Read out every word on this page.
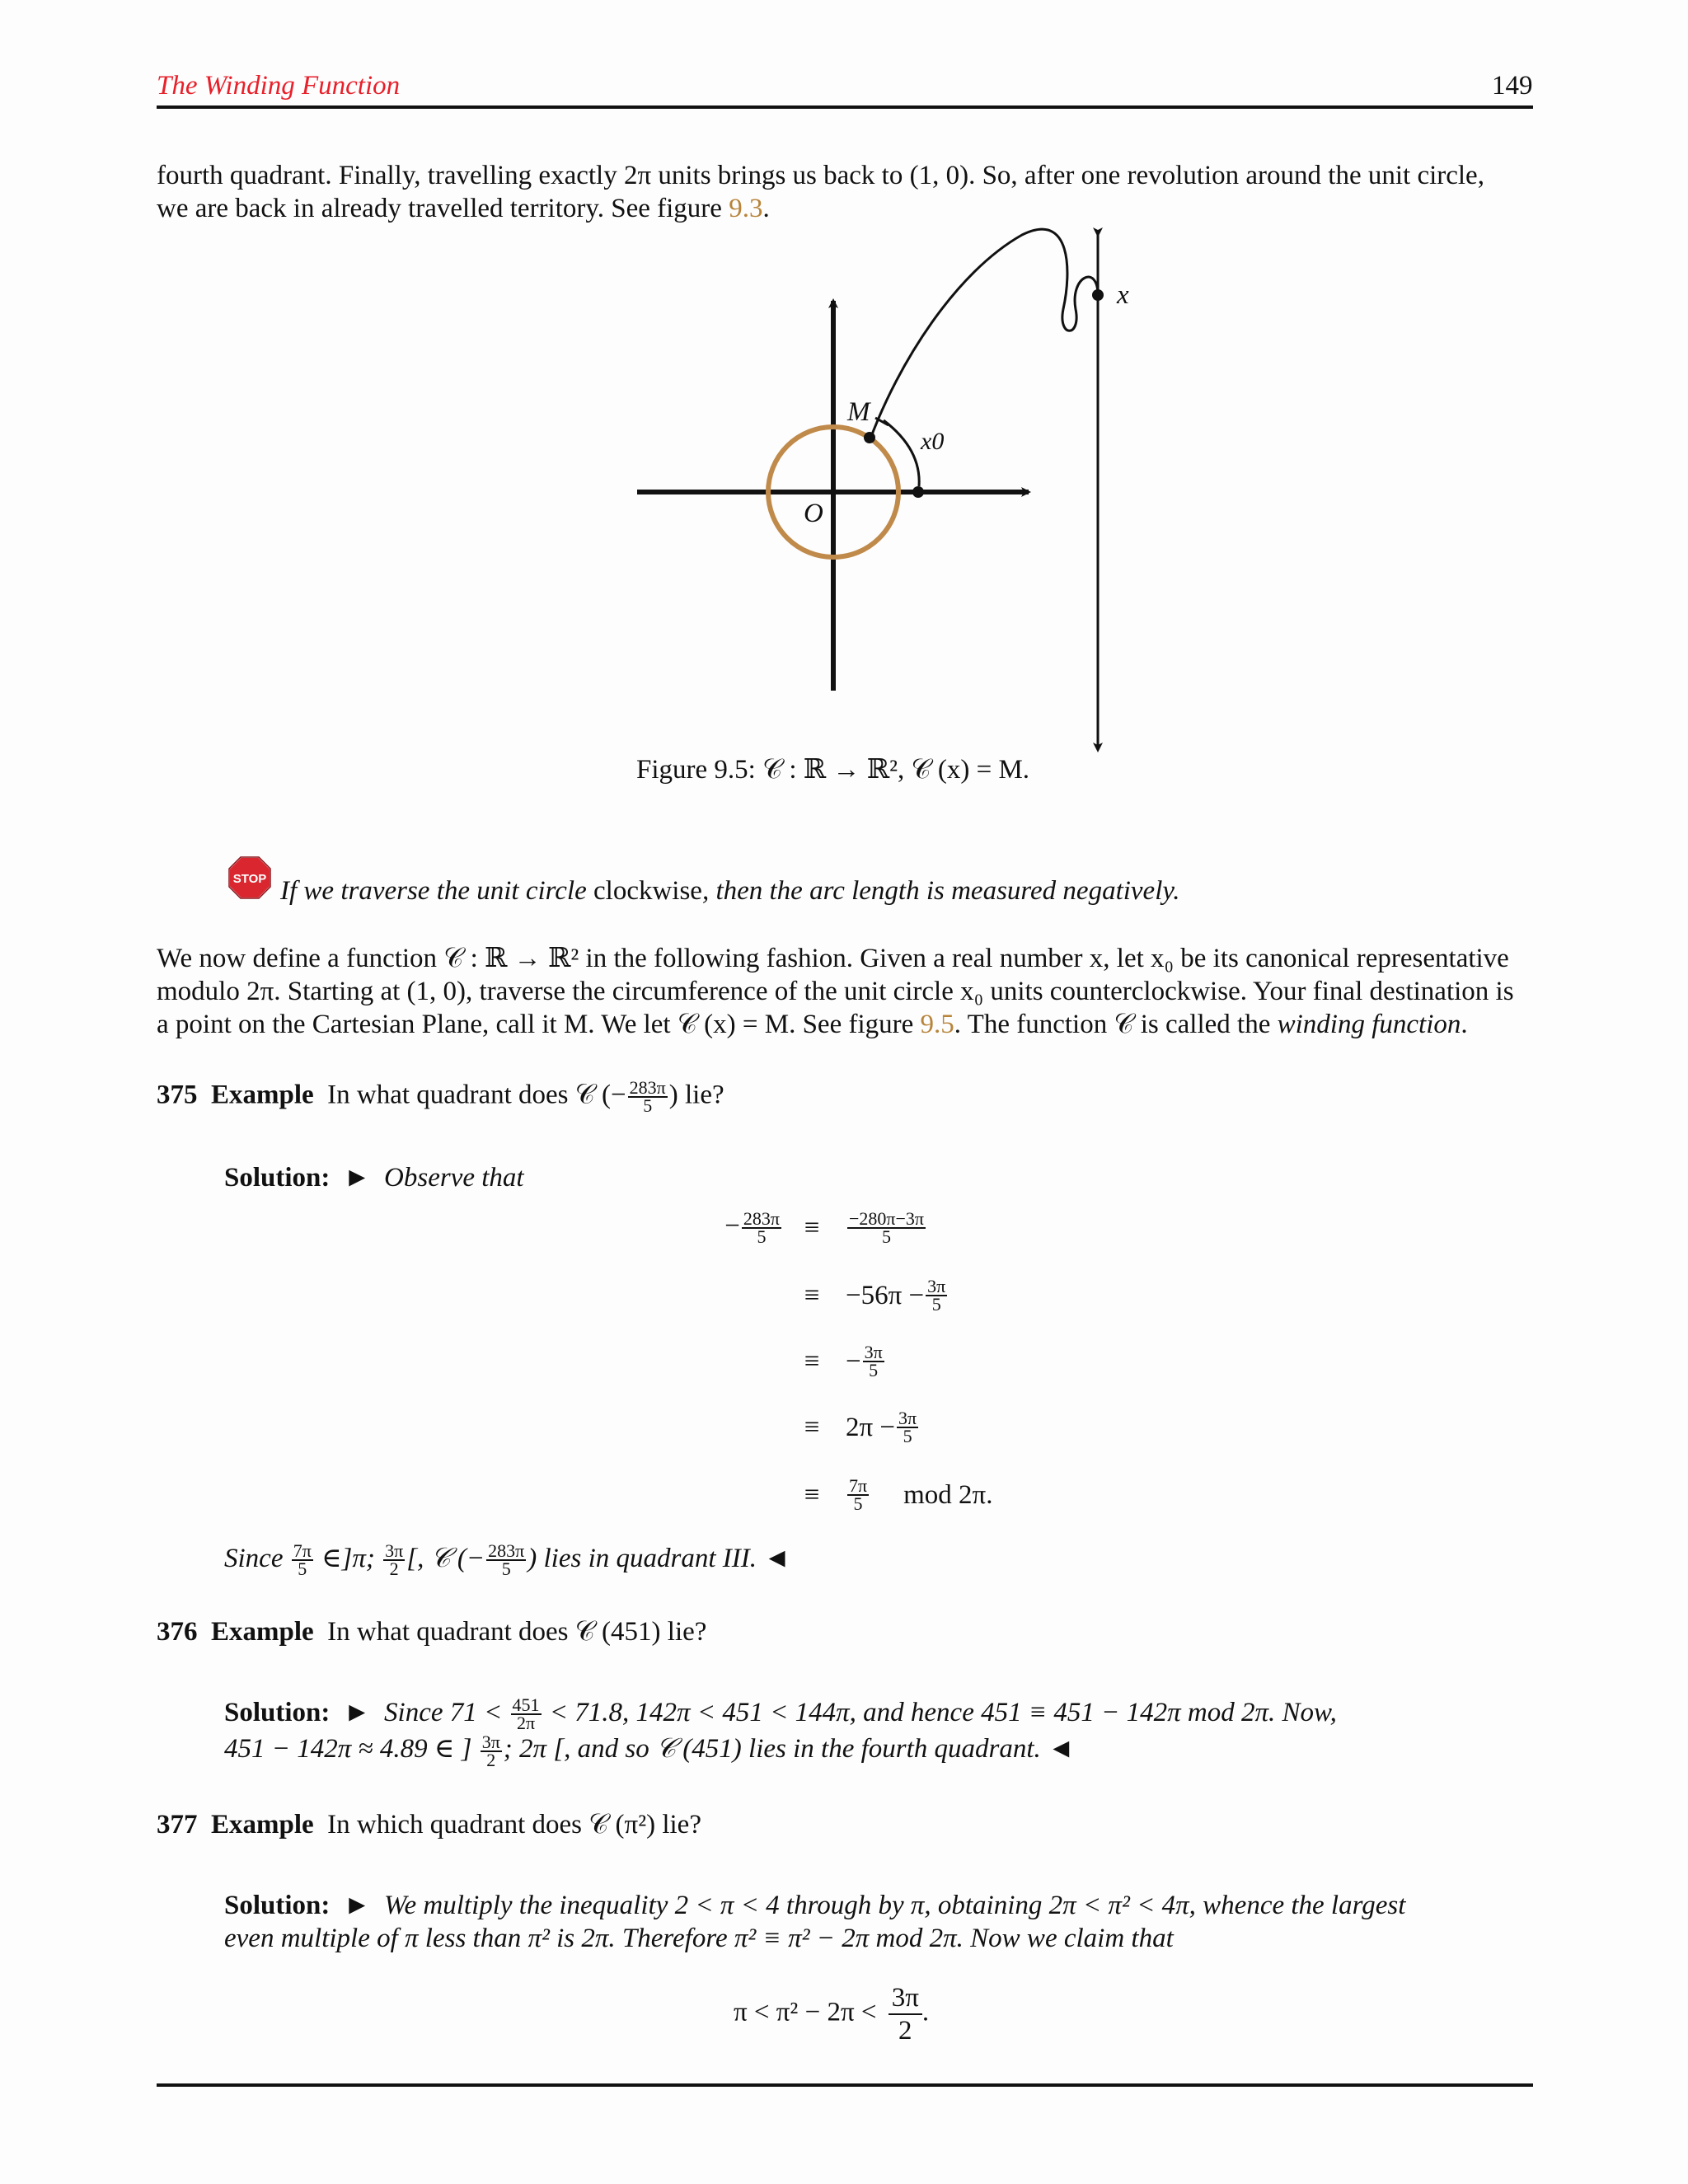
The Winding Function	149

fourth quadrant. Finally, travelling exactly 2π units brings us back to (1, 0). So, after one revolution around the unit circle,

we are back in already travelled territory. See figure 9.3.

x
M
x0
O
Figure 9.5: 𝒞 : ℝ → ℝ², 𝒞 (x) = M.
STOP If we traverse the unit circle clockwise, then the arc length is measured negatively.

We now define a function 𝒞 : ℝ → ℝ² in the following fashion. Given a real number x, let x₀ be its canonical representative

modulo 2π. Starting at (1, 0), traverse the circumference of the unit circle x₀ units counterclockwise. Your final destination is

a point on the Cartesian Plane, call it M. We let 𝒞 (x) = M. See figure 9.5. The function 𝒞 is called the winding function.

375 Example In what quadrant does 𝒞 (− $\frac{283\pi}{5}$ ) lie?
Solution: ► Observe that
− $\frac{283\pi}{5}$ ≡	$\frac{-280\pi-3\pi}{5}$
≡ $-56\pi - \frac{3\pi}{5}$
≡ − $\frac{3\pi}{5}$
≡ $2\pi - \frac{3\pi}{5}$
≡	$\frac{7\pi}{5}$ mod 2π.
Since $\frac{7\pi}{5}$ ∈]π; $\frac{3\pi}{2}$ [, 𝒞 (− $\frac{283\pi}{5}$ ) lies in quadrant III. ◄
376 Example In what quadrant does 𝒞 (451) lie?
Solution: ► Since $71 < \frac{451}{2\pi} < 71.8$, 142π < 451 < 144π, and hence 451 ≡ 451 − 142π mod 2π. Now,
451 − 142π ≈ 4.89 ∈ ] $\frac{3\pi}{2}$ ; 2π [, and so 𝒞 (451) lies in the fourth quadrant. ◄
377 Example In which quadrant does 𝒞 (π²) lie?
Solution: ► We multiply the inequality 2 < π < 4 through by π, obtaining 2π < π² < 4π, whence the largest
even multiple of π less than π² is 2π. Therefore π² ≡ π² − 2π mod 2π. Now we claim that
$\pi < \pi^2 - 2\pi < \frac{3\pi}{2}$ .
